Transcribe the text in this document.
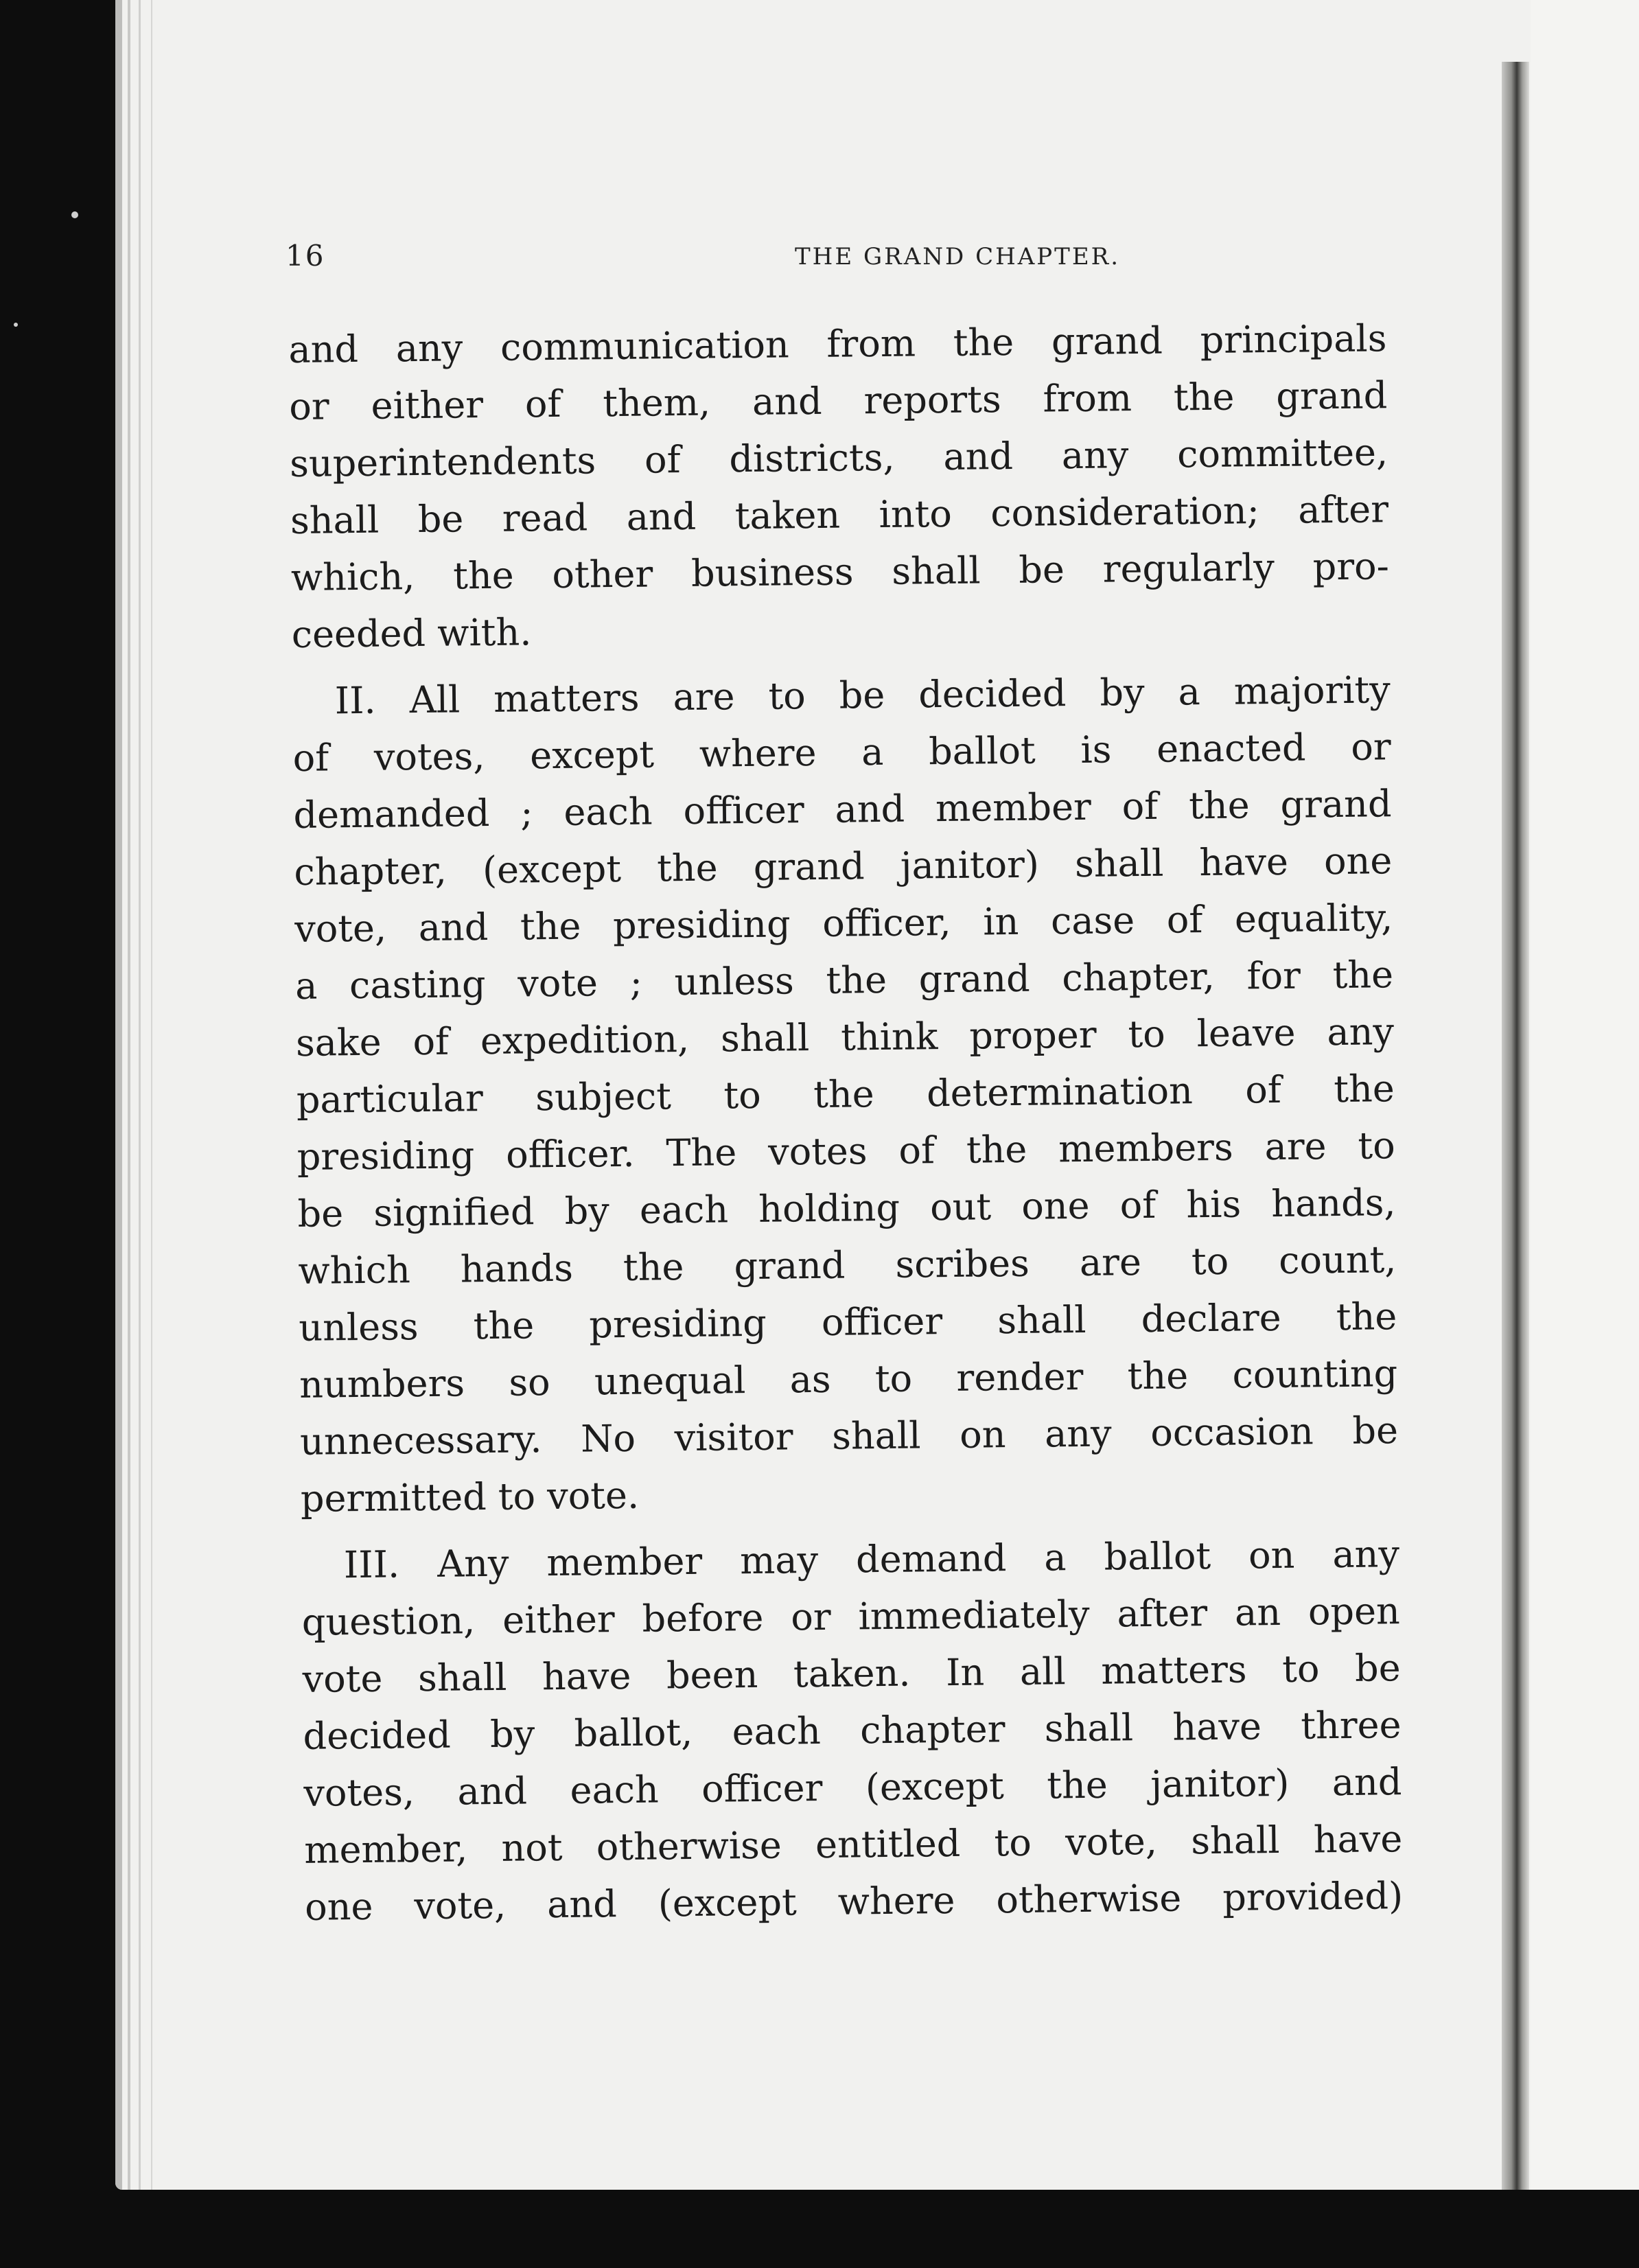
16	THE GRAND CHAPTER.
and any communication from the grand principals
or either of them, and reports from the grand
superintendents of districts, and any committee,
shall be read and taken into consideration; after
which, the other business shall be regularly pro-
ceeded with.
II. All matters are to be decided by a majority
of votes, except where a ballot is enacted or
demanded ; each officer and member of the grand
chapter, (except the grand janitor) shall have one
vote, and the presiding officer, in case of equality,
a casting vote ; unless the grand chapter, for the
sake of expedition, shall think proper to leave any
particular subject to the determination of the
presiding officer. The votes of the members are to
be signified by each holding out one of his hands,
which hands the grand scribes are to count,
unless the presiding officer shall declare the
numbers so unequal as to render the counting
unnecessary. No visitor shall on any occasion be
permitted to vote.
III. Any member may demand a ballot on any
question, either before or immediately after an open
vote shall have been taken. In all matters to be
decided by ballot, each chapter shall have three
votes, and each officer (except the janitor) and
member, not otherwise entitled to vote, shall have
one vote, and (except where otherwise provided)
